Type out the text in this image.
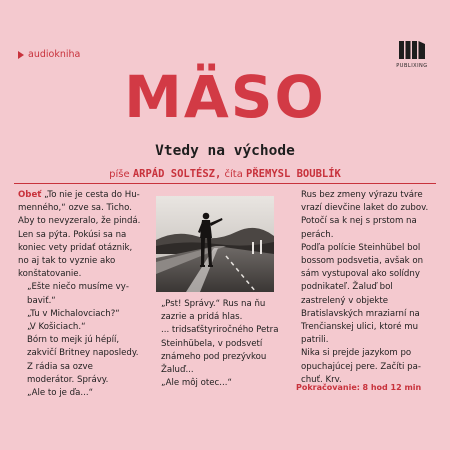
audiokniha
PUBLIXING
MÄSO
Vtedy na východe
píše ARPÁD SOLTÉSZ, číta PŘEMYSL BOUBLÍK

Obeť „To nie je cesta do Humenného,“ ozve sa. Ticho. Aby to nevyzeralo, že pindá. Len sa pýta. Pokúsi sa na koniec vety pridať otáznik, no aj tak to vyznie ako konštatovanie.

„Ešte niečo musíme vybaviť.“

„Tu v Michalovciach?“

„V Košiciach.“

Bórn to mejk jú hépíí, zakvičí Britney naposledy. Z rádia sa ozve moderátor. Správy.

„Ale to je ďa...“

„Pst! Správy.“ Rus na ňu zazrie a pridá hlas.

... tridsaťštyriročného Petra Steinhübela, v podsvetí známeho pod prezývkou Žaluď...

„Ale môj otec...“

Rus bez zmeny výrazu tváre vrazí dievčine laket do zubov. Potočí sa k nej s prstom na perách.

Podľa polície Steinhübel bol bossom podsvetia, avšak on sám vystupoval ako solídny podnikateľ. Žaluď bol zastrelený v objekte Bratislavských mraziarní na Trenčianskej ulici, ktoré mu patrili.

Nika si prejde jazykom po opuchajúcej pere. Začíti pachuť. Krv.

Pokračovanie: 8 hod 12 min
